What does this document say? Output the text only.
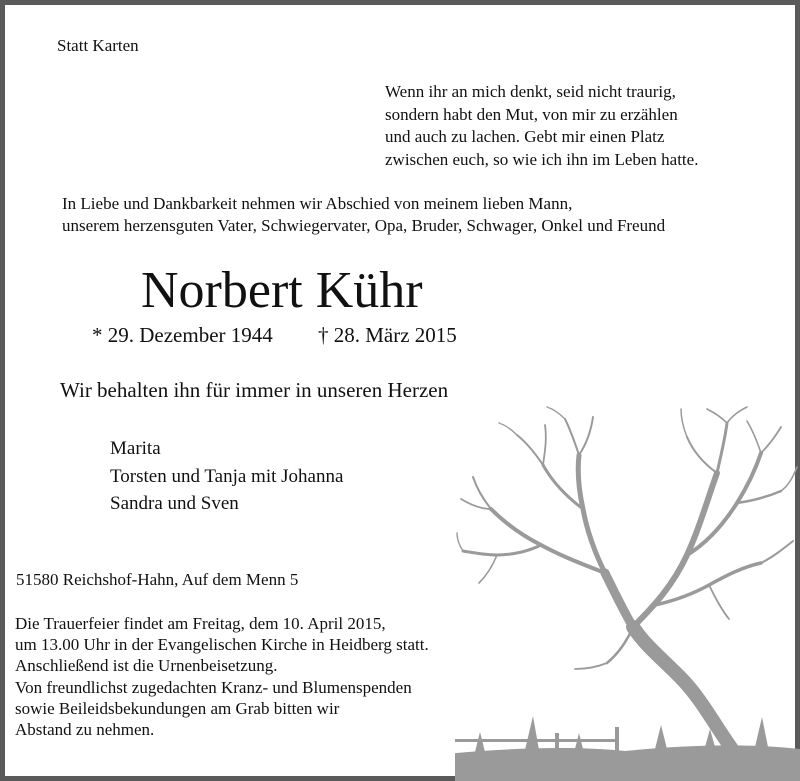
Statt Karten
Wenn ihr an mich denkt, seid nicht traurig,
sondern habt den Mut, von mir zu erzählen
und auch zu lachen. Gebt mir einen Platz
zwischen euch, so wie ich ihn im Leben hatte.
In Liebe und Dankbarkeit nehmen wir Abschied von meinem lieben Mann,
unserem herzensguten Vater, Schwiegervater, Opa, Bruder, Schwager, Onkel und Freund
Norbert Kühr
* 29. Dezember 1944 † 28. März 2015
Wir behalten ihn für immer in unseren Herzen
Marita
Torsten und Tanja mit Johanna
Sandra und Sven
51580 Reichshof-Hahn, Auf dem Menn 5
Die Trauerfeier findet am Freitag, dem 10. April 2015,
um 13.00 Uhr in der Evangelischen Kirche in Heidberg statt.
Anschließend ist die Urnenbeisetzung.
Von freundlichst zugedachten Kranz- und Blumenspenden
sowie Beileidsbekundungen am Grab bitten wir
Abstand zu nehmen.
